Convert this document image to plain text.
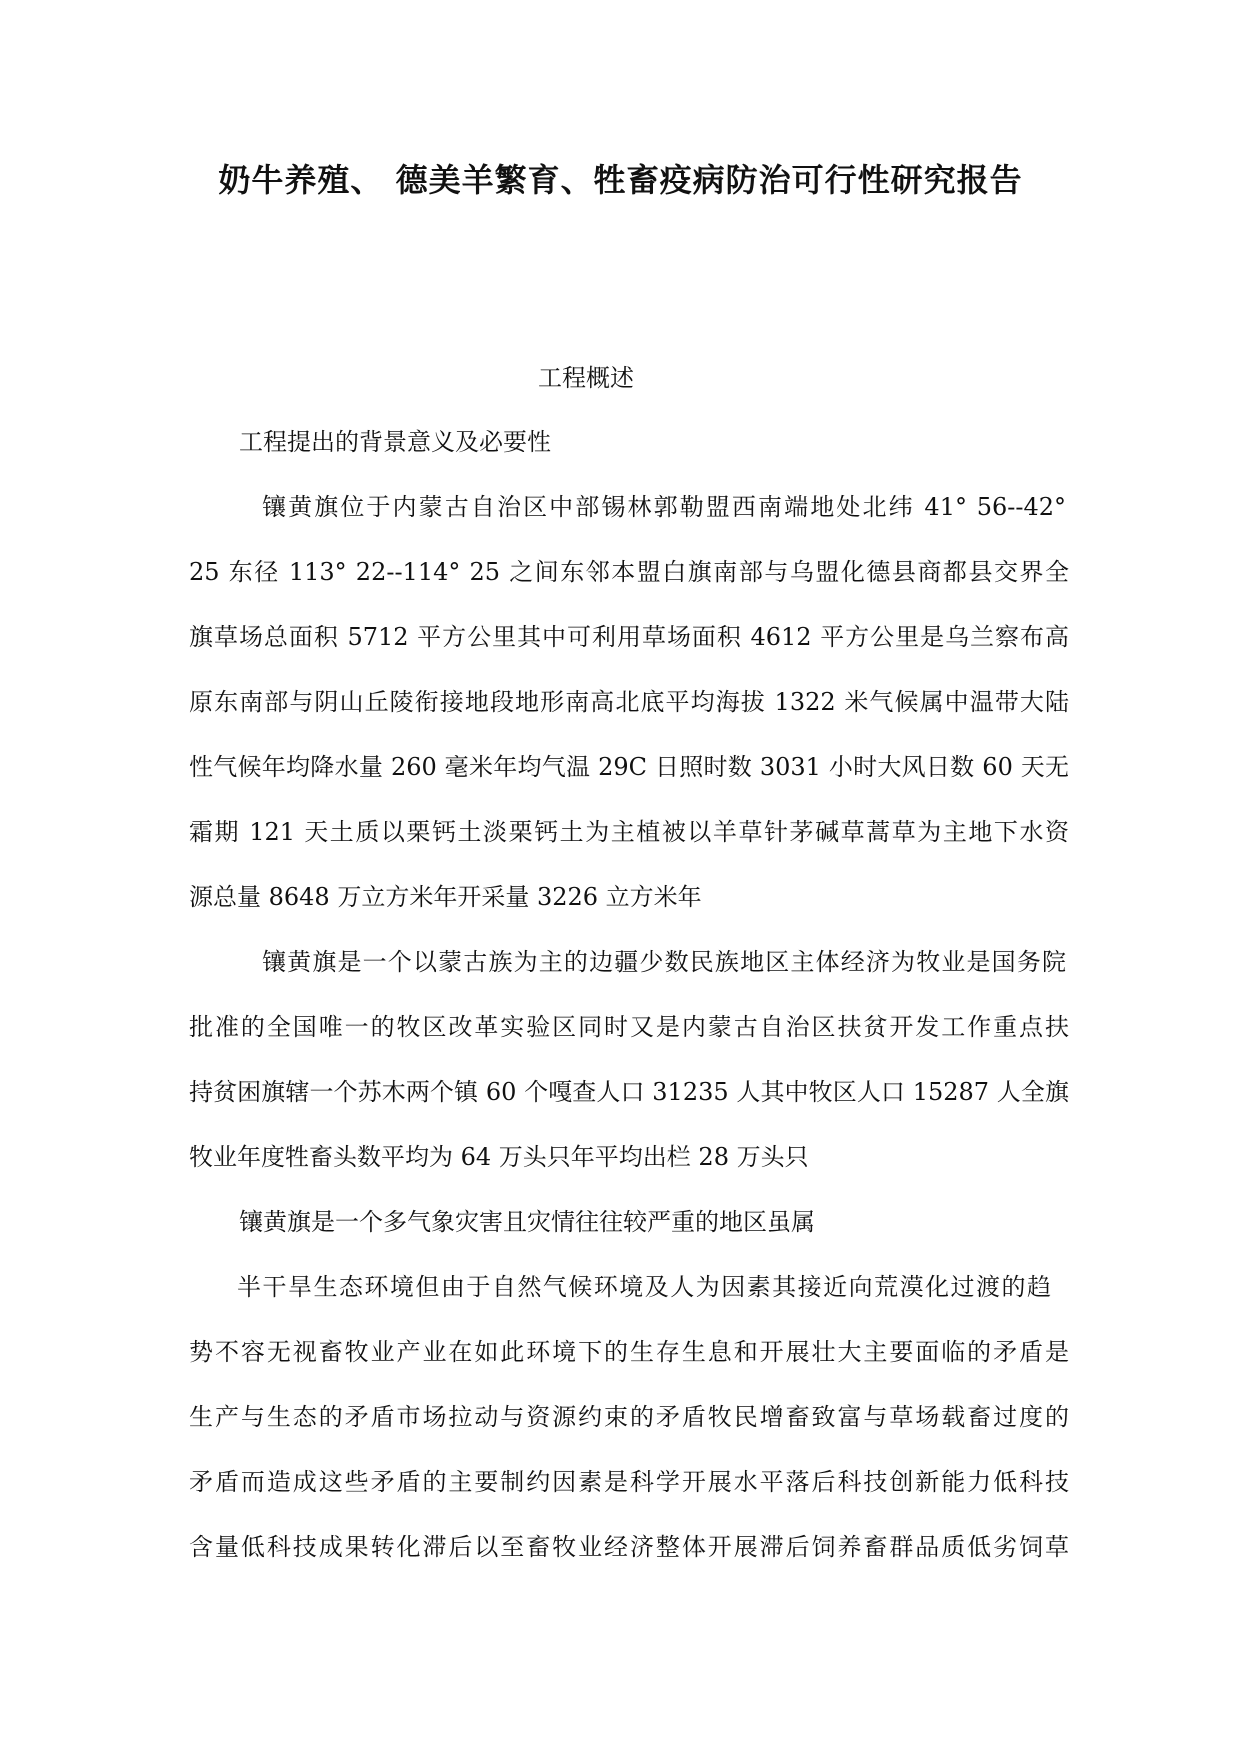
奶牛养殖、 德美羊繁育、牲畜疫病防治可行性研究报告
工程概述

工程提出的背景意义及必要性

镶黄旗位于内蒙古自治区中部锡林郭勒盟西南端地处北纬 41° 56--42°

25 东径 113° 22--114° 25 之间东邻本盟白旗南部与乌盟化德县商都县交界全

旗草场总面积 5712 平方公里其中可利用草场面积 4612 平方公里是乌兰察布高

原东南部与阴山丘陵衔接地段地形南高北底平均海拔 1322 米气候属中温带大陆

性气候年均降水量 260 毫米年均气温 29C 日照时数 3031 小时大风日数 60 天无

霜期 121 天土质以栗钙土淡栗钙土为主植被以羊草针茅碱草蒿草为主地下水资

源总量 8648 万立方米年开采量 3226 立方米年

镶黄旗是一个以蒙古族为主的边疆少数民族地区主体经济为牧业是国务院

批准的全国唯一的牧区改革实验区同时又是内蒙古自治区扶贫开发工作重点扶

持贫困旗辖一个苏木两个镇 60 个嘎查人口 31235 人其中牧区人口 15287 人全旗

牧业年度牲畜头数平均为 64 万头只年平均出栏 28 万头只

镶黄旗是一个多气象灾害且灾情往往较严重的地区虽属

半干旱生态环境但由于自然气候环境及人为因素其接近向荒漠化过渡的趋

势不容无视畜牧业产业在如此环境下的生存生息和开展壮大主要面临的矛盾是

生产与生态的矛盾市场拉动与资源约束的矛盾牧民增畜致富与草场载畜过度的

矛盾而造成这些矛盾的主要制约因素是科学开展水平落后科技创新能力低科技

含量低科技成果转化滞后以至畜牧业经济整体开展滞后饲养畜群品质低劣饲草
